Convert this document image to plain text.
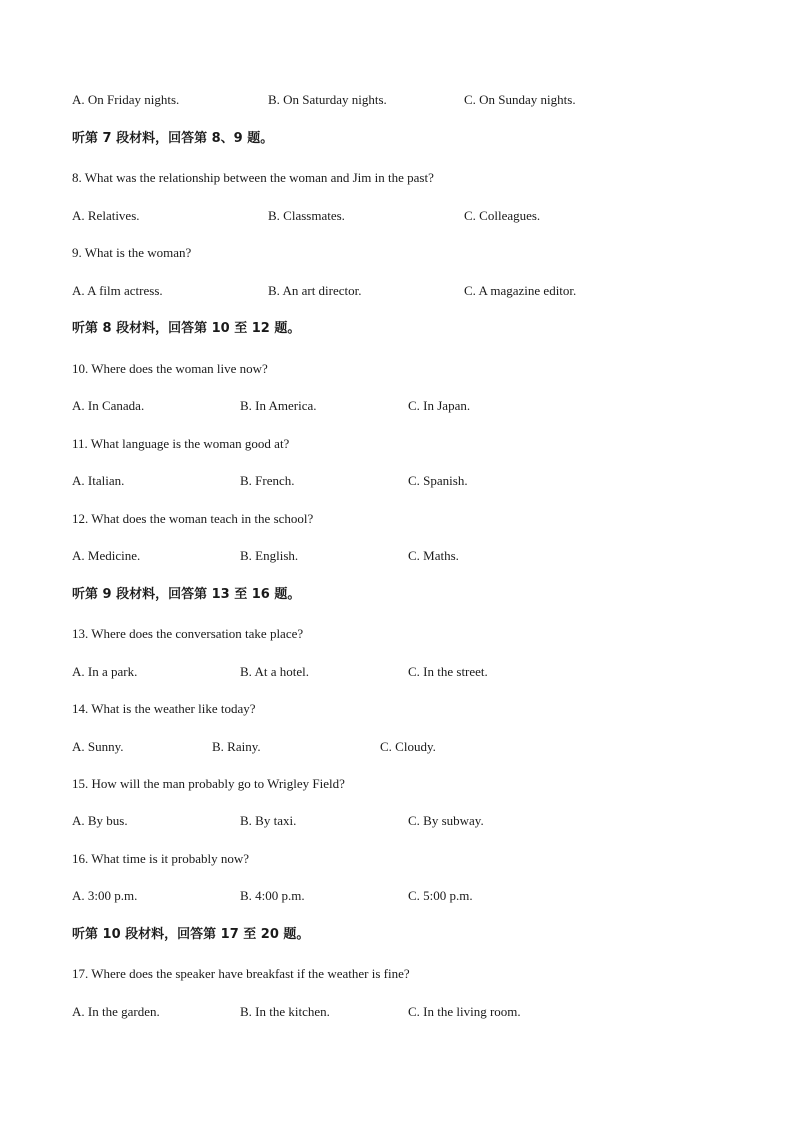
A. On Friday nights.	B. On Saturday nights.	C. On Sunday nights.
听第 7 段材料，回答第 8、9 题。
8. What was the relationship between the woman and Jim in the past?
A. Relatives.	B. Classmates.	C. Colleagues.
9. What is the woman?
A. A film actress.	B. An art director.	C. A magazine editor.
听第 8 段材料，回答第 10 至 12 题。
10. Where does the woman live now?
A. In Canada.	B. In America.	C. In Japan.
11. What language is the woman good at?
A. Italian.	B. French.	C. Spanish.
12. What does the woman teach in the school?
A. Medicine.	B. English.	C. Maths.
听第 9 段材料，回答第 13 至 16 题。
13. Where does the conversation take place?
A. In a park.	B. At a hotel.	C. In the street.
14. What is the weather like today?
A. Sunny.	B. Rainy.	C. Cloudy.
15. How will the man probably go to Wrigley Field?
A. By bus.	B. By taxi.	C. By subway.
16. What time is it probably now?
A. 3:00 p.m.	B. 4:00 p.m.	C. 5:00 p.m.
听第 10 段材料，回答第 17 至 20 题。
17. Where does the speaker have breakfast if the weather is fine?
A. In the garden.	B. In the kitchen.	C. In the living room.
